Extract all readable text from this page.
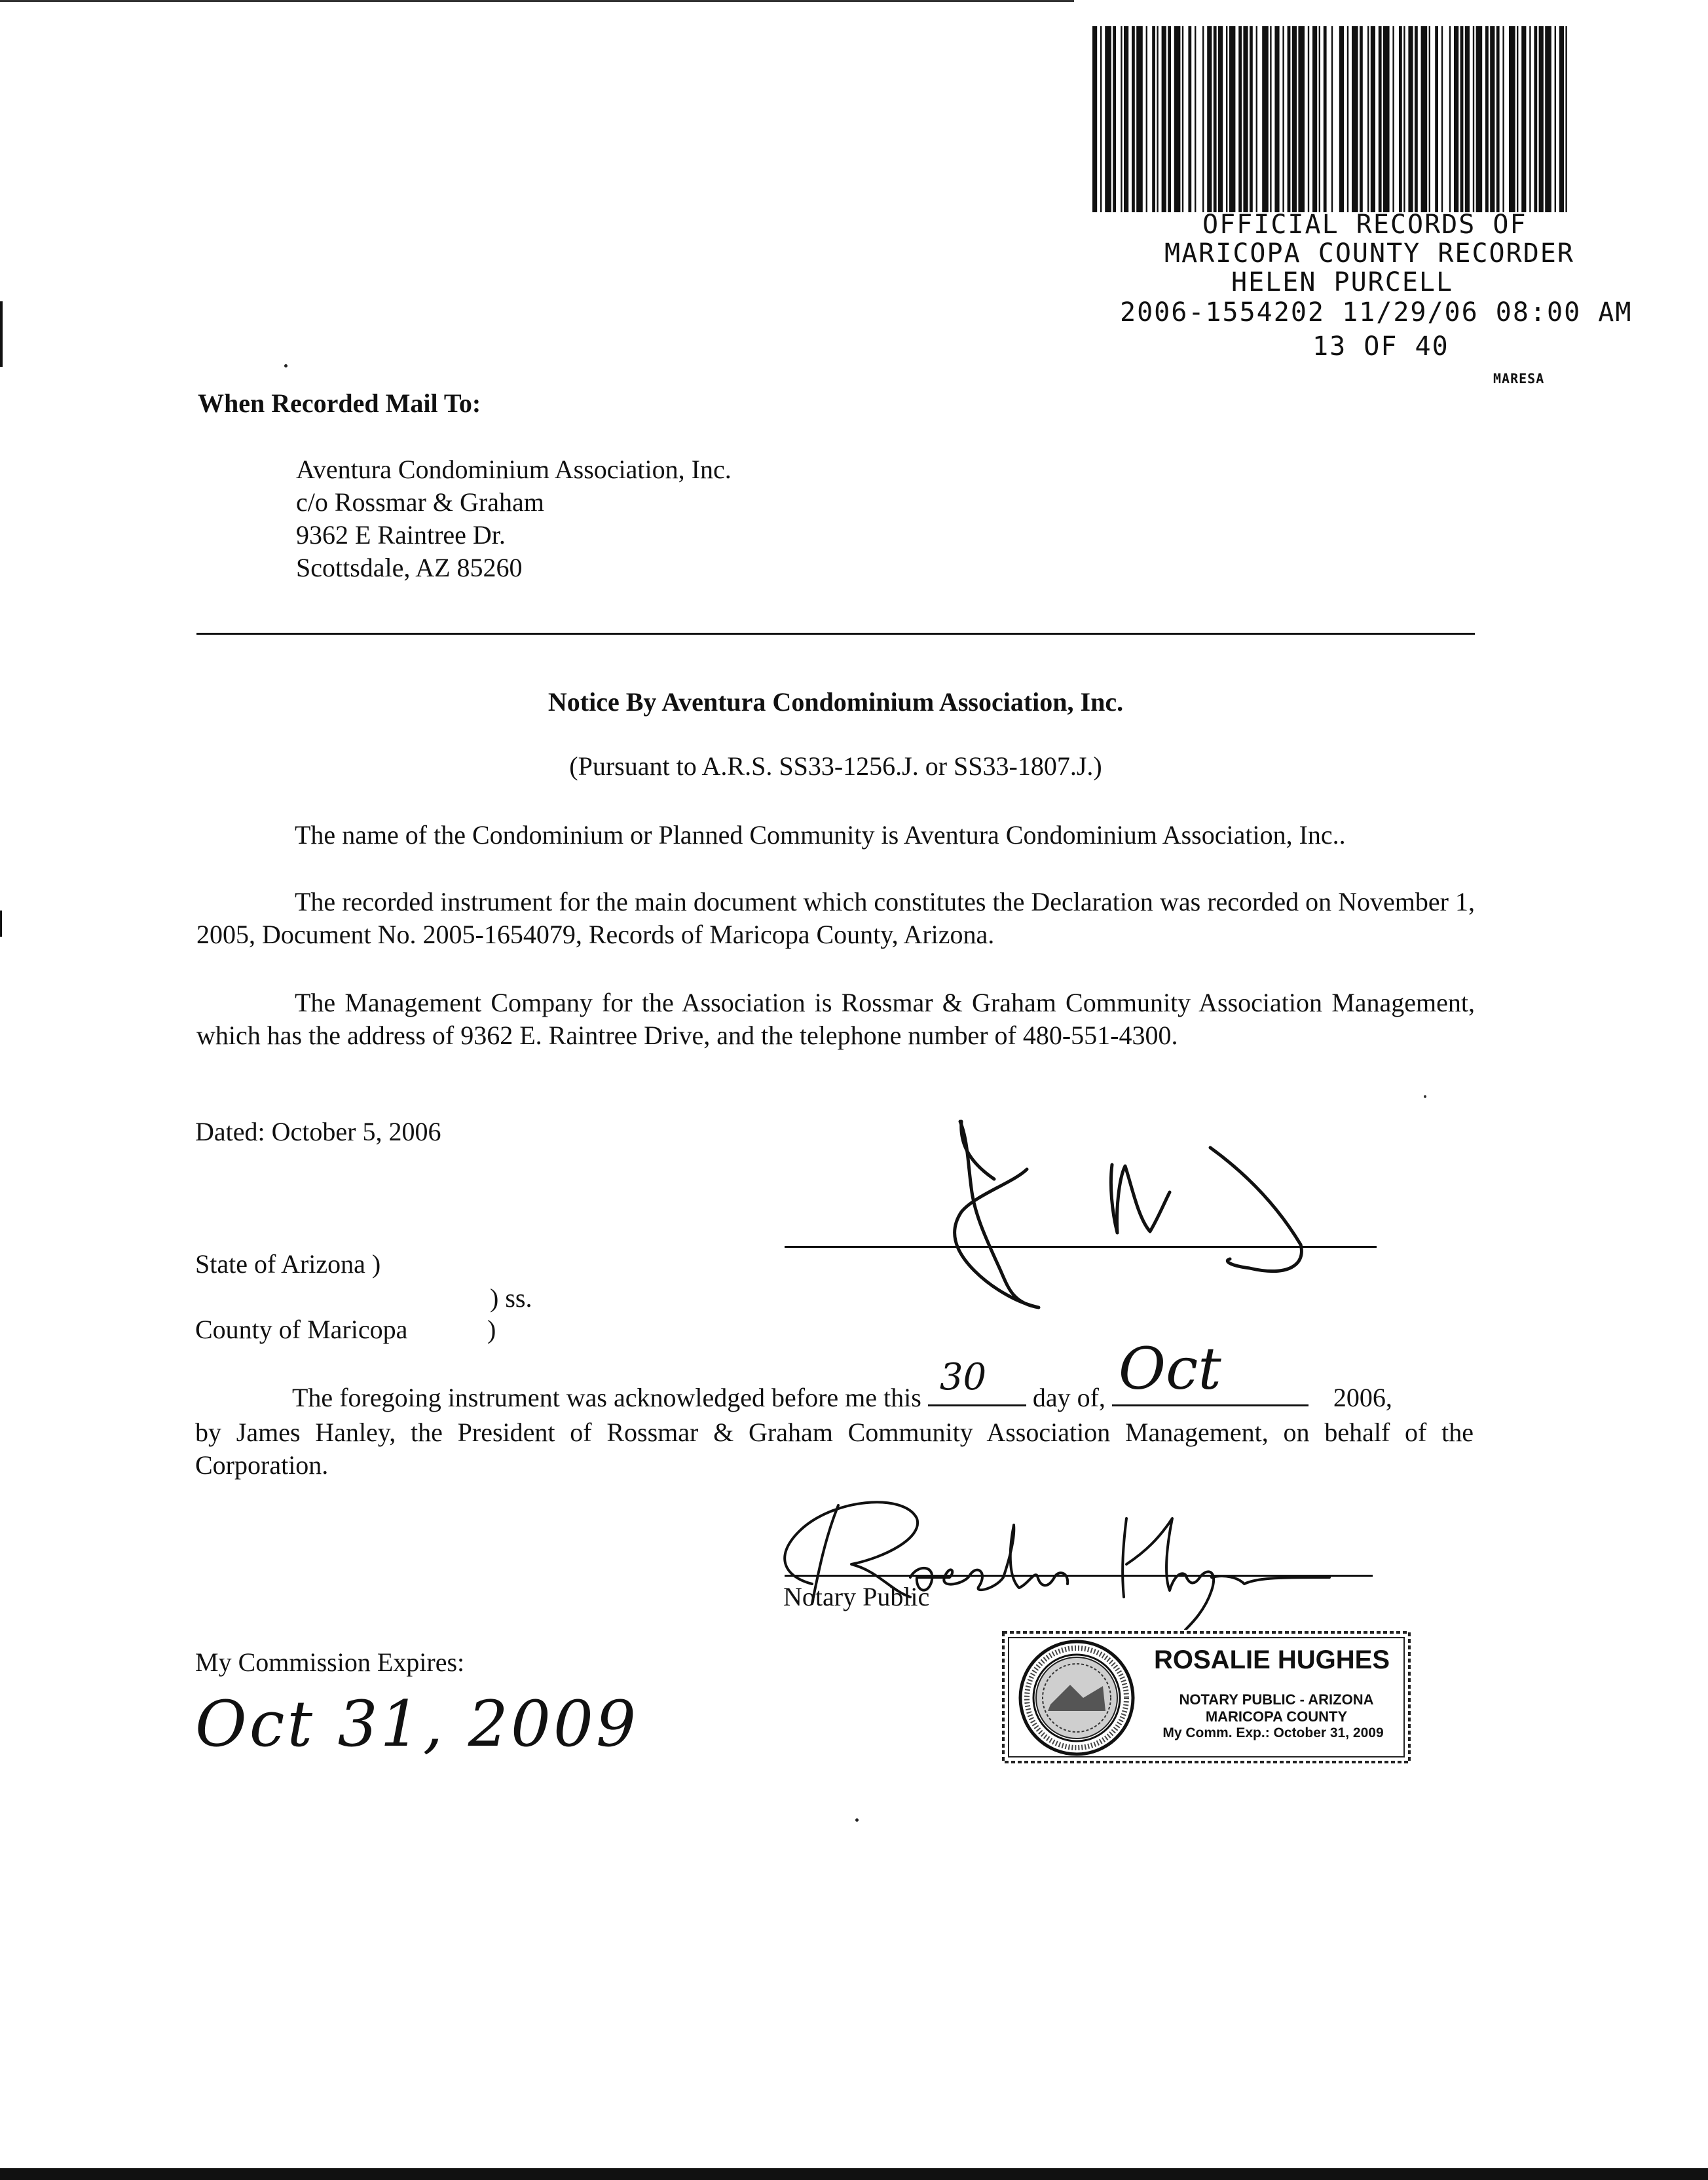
OFFICIAL RECORDS OF
MARICOPA COUNTY RECORDER
HELEN PURCELL
2006-1554202 11/29/06 08:00 AM
13 OF 40
MARESA
When Recorded Mail To:
Aventura Condominium Association, Inc.
c/o Rossmar & Graham
9362 E Raintree Dr.
Scottsdale, AZ 85260
Notice By Aventura Condominium Association, Inc.
(Pursuant to A.R.S. SS33-1256.J. or SS33-1807.J.)
The name of the Condominium or Planned Community is Aventura Condominium Association, Inc..
The recorded instrument for the main document which constitutes the Declaration was recorded on November 1, 2005, Document No. 2005-1654079, Records of Maricopa County, Arizona.
The Management Company for the Association is Rossmar & Graham Community Association Management, which has the address of 9362 E. Raintree Drive, and the telephone number of 480-551-4300.
Dated: October 5, 2006
State of Arizona )
) ss.
County of Maricopa	)
The foregoing instrument was acknowledged before me this 30 day of, Oct	2006,
by James Hanley, the President of Rossmar & Graham Community Association Management, on behalf of the Corporation.
Notary Public
My Commission Expires:
Oct 31, 2009
ROSALIE HUGHES
NOTARY PUBLIC - ARIZONA
MARICOPA COUNTY
My Comm. Exp.: October 31, 2009
